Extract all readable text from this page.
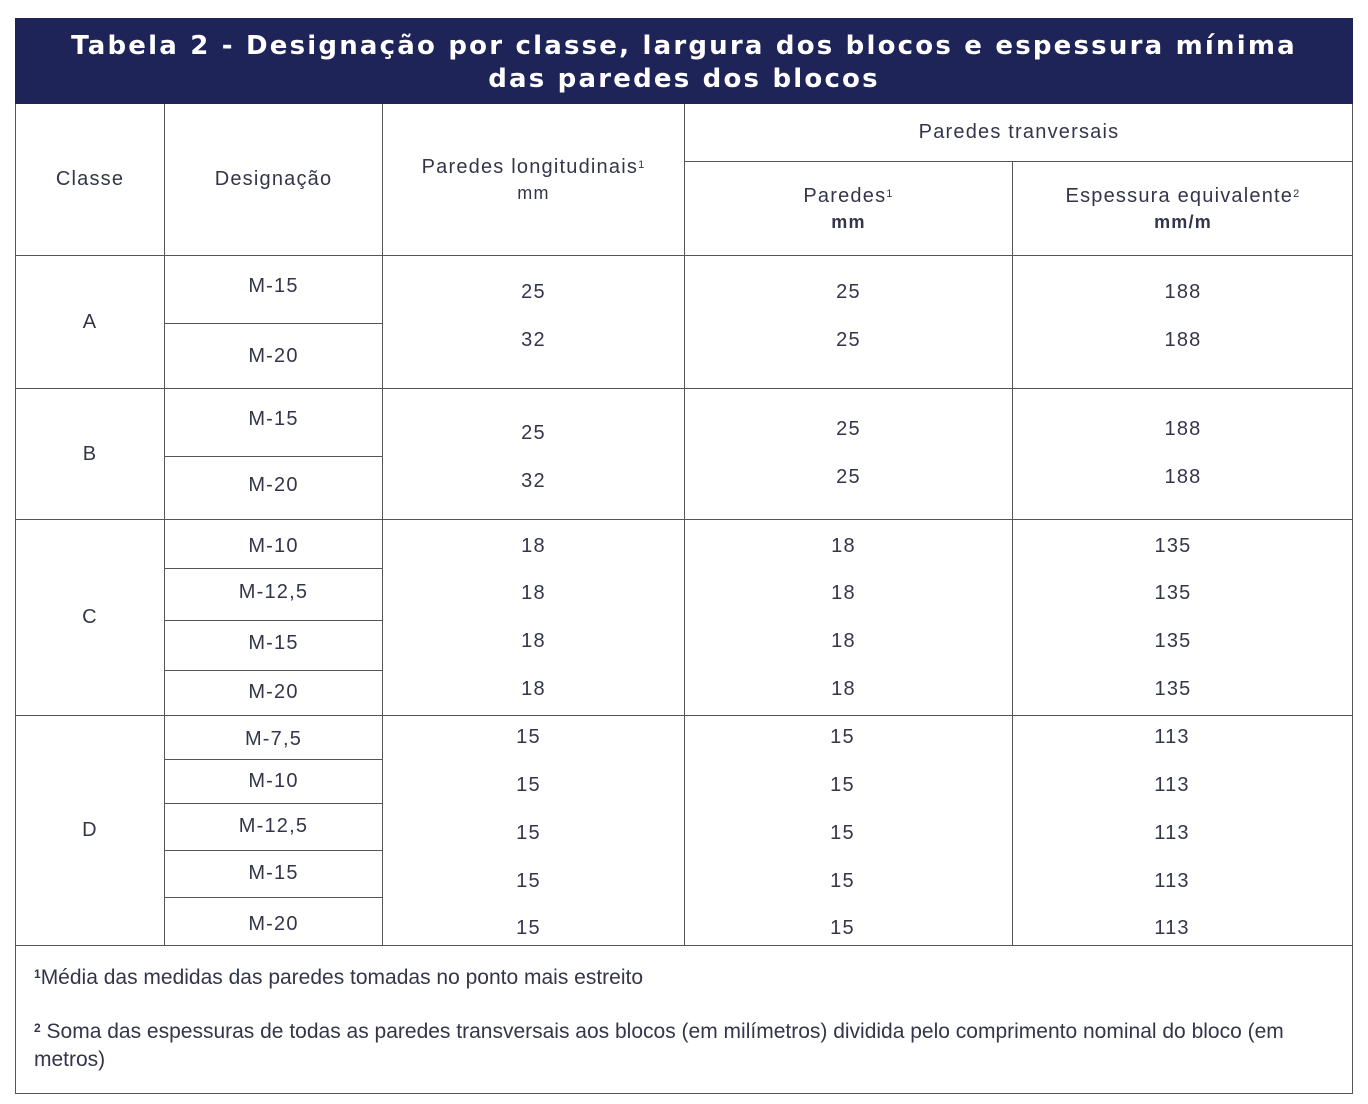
Tabela 2 - Designação por classe, largura dos blocos e espessura mínima
das paredes dos blocos
Classe	Designação
Paredes longitudinais$^1$
mm
Paredes tranversais
Paredes$^1$
mm
Espessura equivalente$^2$
mm/m
A
B
C
D
M-15
M-20
25
32
25
25
188
188
M-15
M-20
25
32
25
25
188
188
M-10
M-12,5
M-15
M-20
18
18
18
18
18
18
18
18
135
135
135
135
M-7,5
M-10
M-12,5
M-15
M-20
15
15
15
15
15
15
15
15
15
15
113
113
113
113
113
$^1$Média das medidas das paredes tomadas no ponto mais estreito
$^2$ Soma das espessuras de todas as paredes transversais aos blocos (em milímetros) dividida pelo comprimento nominal do bloco (em metros)
